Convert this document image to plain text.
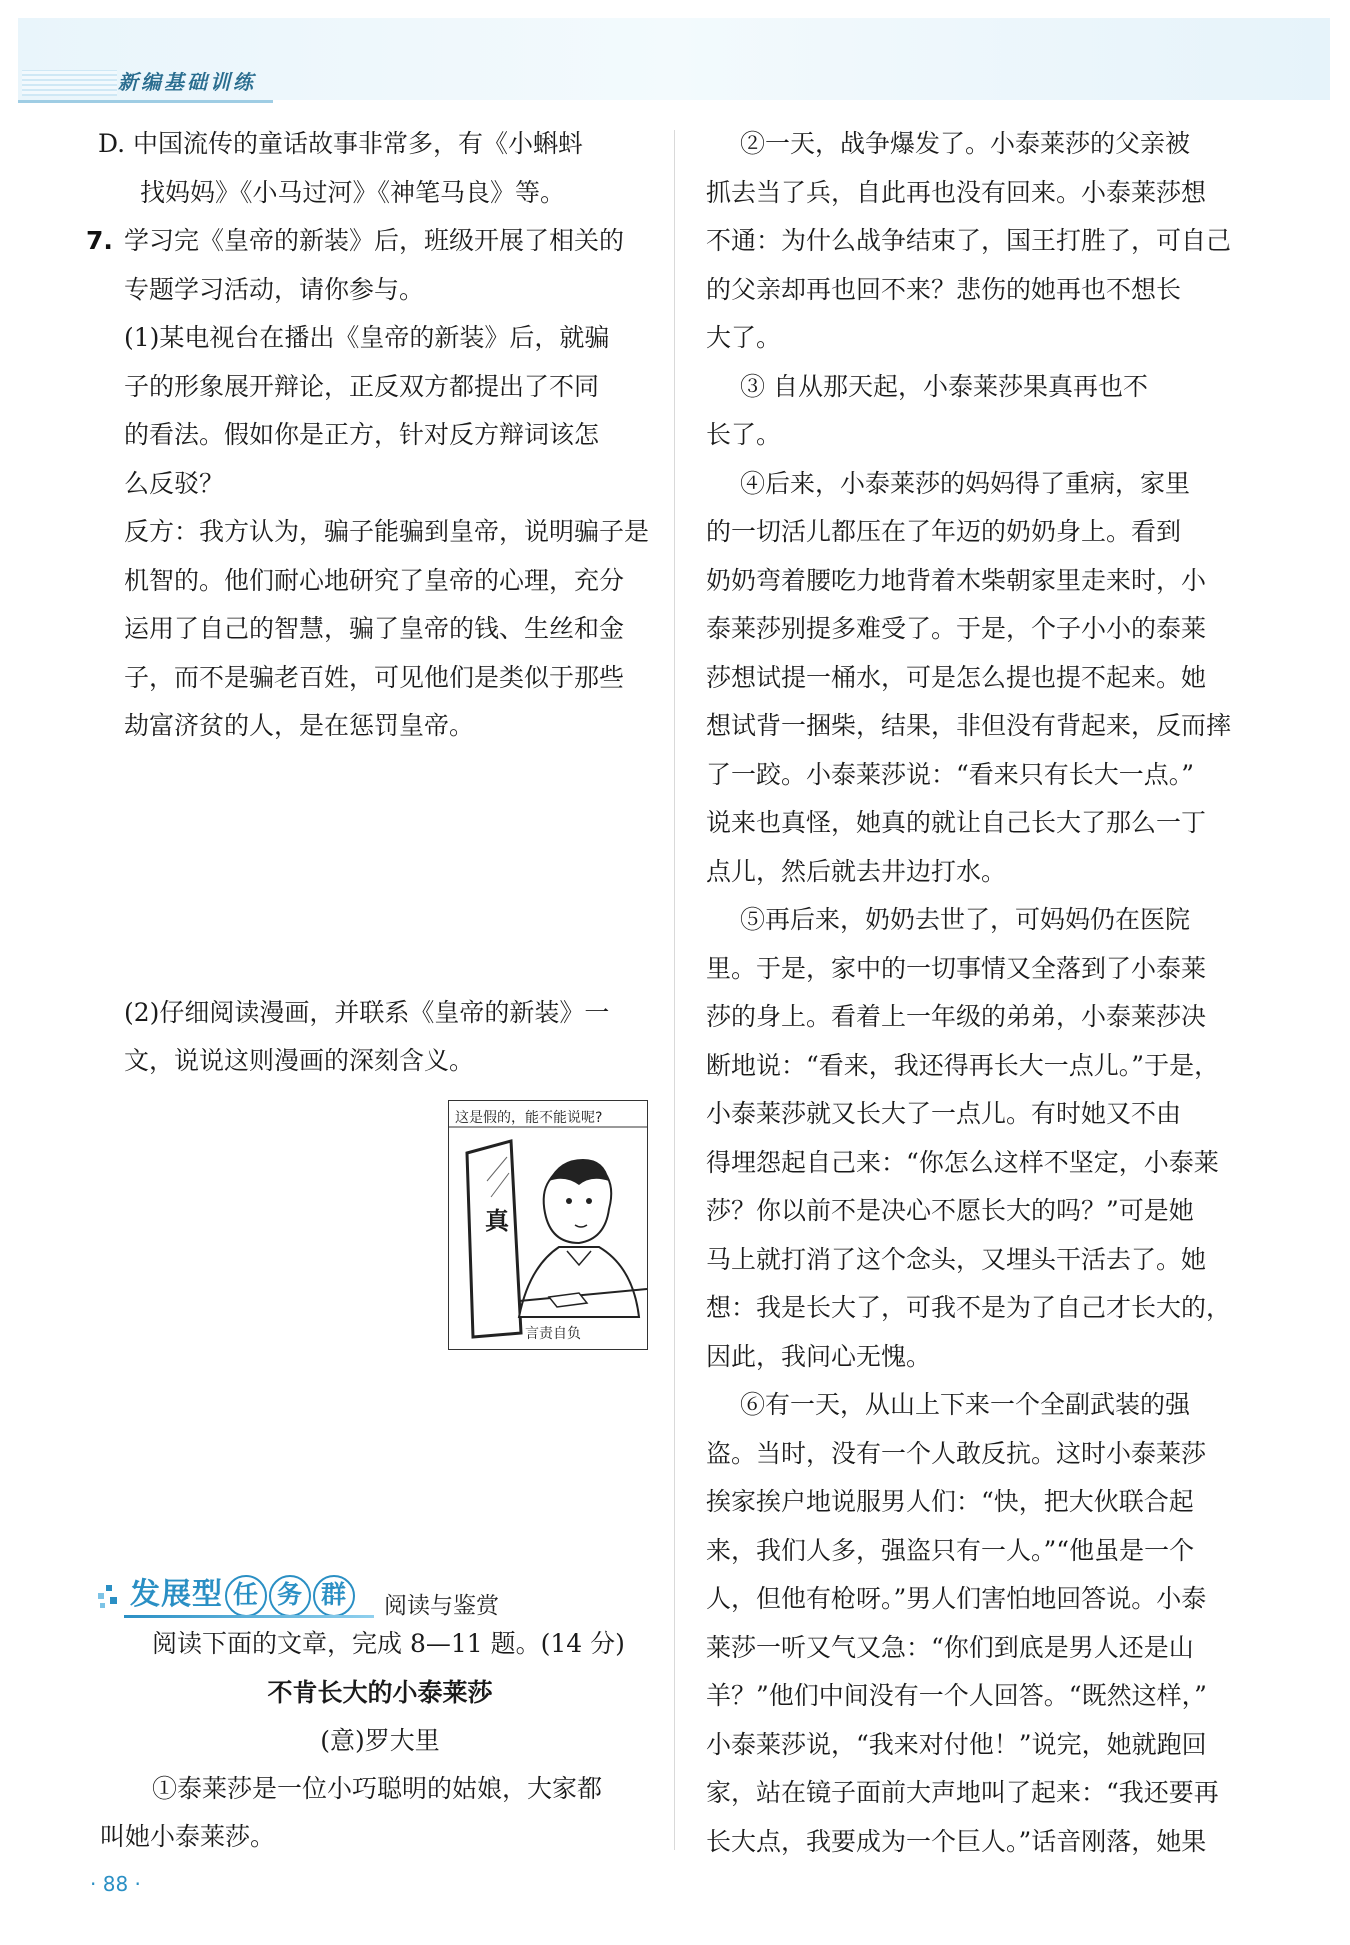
新编基础训练

D. 中国流传的童话故事非常多，有《小蝌蚪

找妈妈》《小马过河》《神笔马良》等。

7. 学习完《皇帝的新装》后，班级开展了相关的

专题学习活动，请你参与。

(1)某电视台在播出《皇帝的新装》后，就骗

子的形象展开辩论，正反双方都提出了不同

的看法。假如你是正方，针对反方辩词该怎

么反驳？

反方：我方认为，骗子能骗到皇帝，说明骗子是

机智的。他们耐心地研究了皇帝的心理，充分

运用了自己的智慧，骗了皇帝的钱、生丝和金

子，而不是骗老百姓，可见他们是类似于那些

劫富济贫的人，是在惩罚皇帝。

(2)仔细阅读漫画，并联系《皇帝的新装》一

文，说说这则漫画的深刻含义。

这是假的，能不能说呢?
真
言责自负
发展型 任 务 群	阅读与鉴赏

阅读下面的文章，完成 8—11 题。(14 分)

不肯长大的小泰莱莎

(意)罗大里

①泰莱莎是一位小巧聪明的姑娘，大家都

叫她小泰莱莎。

②一天，战争爆发了。小泰莱莎的父亲被

抓去当了兵，自此再也没有回来。小泰莱莎想

不通：为什么战争结束了，国王打胜了，可自己

的父亲却再也回不来？悲伤的她再也不想长

大了。

③ 自从那天起，小泰莱莎果真再也不

长了。

④后来，小泰莱莎的妈妈得了重病，家里

的一切活儿都压在了年迈的奶奶身上。看到

奶奶弯着腰吃力地背着木柴朝家里走来时，小

泰莱莎别提多难受了。于是，个子小小的泰莱

莎想试提一桶水，可是怎么提也提不起来。她

想试背一捆柴，结果，非但没有背起来，反而摔

了一跤。小泰莱莎说：“看来只有长大一点。”

说来也真怪，她真的就让自己长大了那么一丁

点儿，然后就去井边打水。

⑤再后来，奶奶去世了，可妈妈仍在医院

里。于是，家中的一切事情又全落到了小泰莱

莎的身上。看着上一年级的弟弟，小泰莱莎决

断地说：“看来，我还得再长大一点儿。”于是，

小泰莱莎就又长大了一点儿。有时她又不由

得埋怨起自己来：“你怎么这样不坚定，小泰莱

莎？你以前不是决心不愿长大的吗？”可是她

马上就打消了这个念头，又埋头干活去了。她

想：我是长大了，可我不是为了自己才长大的，

因此，我问心无愧。

⑥有一天，从山上下来一个全副武装的强

盗。当时，没有一个人敢反抗。这时小泰莱莎

挨家挨户地说服男人们：“快，把大伙联合起

来，我们人多，强盗只有一人。”“他虽是一个

人，但他有枪呀。”男人们害怕地回答说。小泰

莱莎一听又气又急：“你们到底是男人还是山

羊？”他们中间没有一个人回答。“既然这样，”

小泰莱莎说，“我来对付他！”说完，她就跑回

家，站在镜子面前大声地叫了起来：“我还要再

长大点，我要成为一个巨人。”话音刚落，她果

· 88 ·
